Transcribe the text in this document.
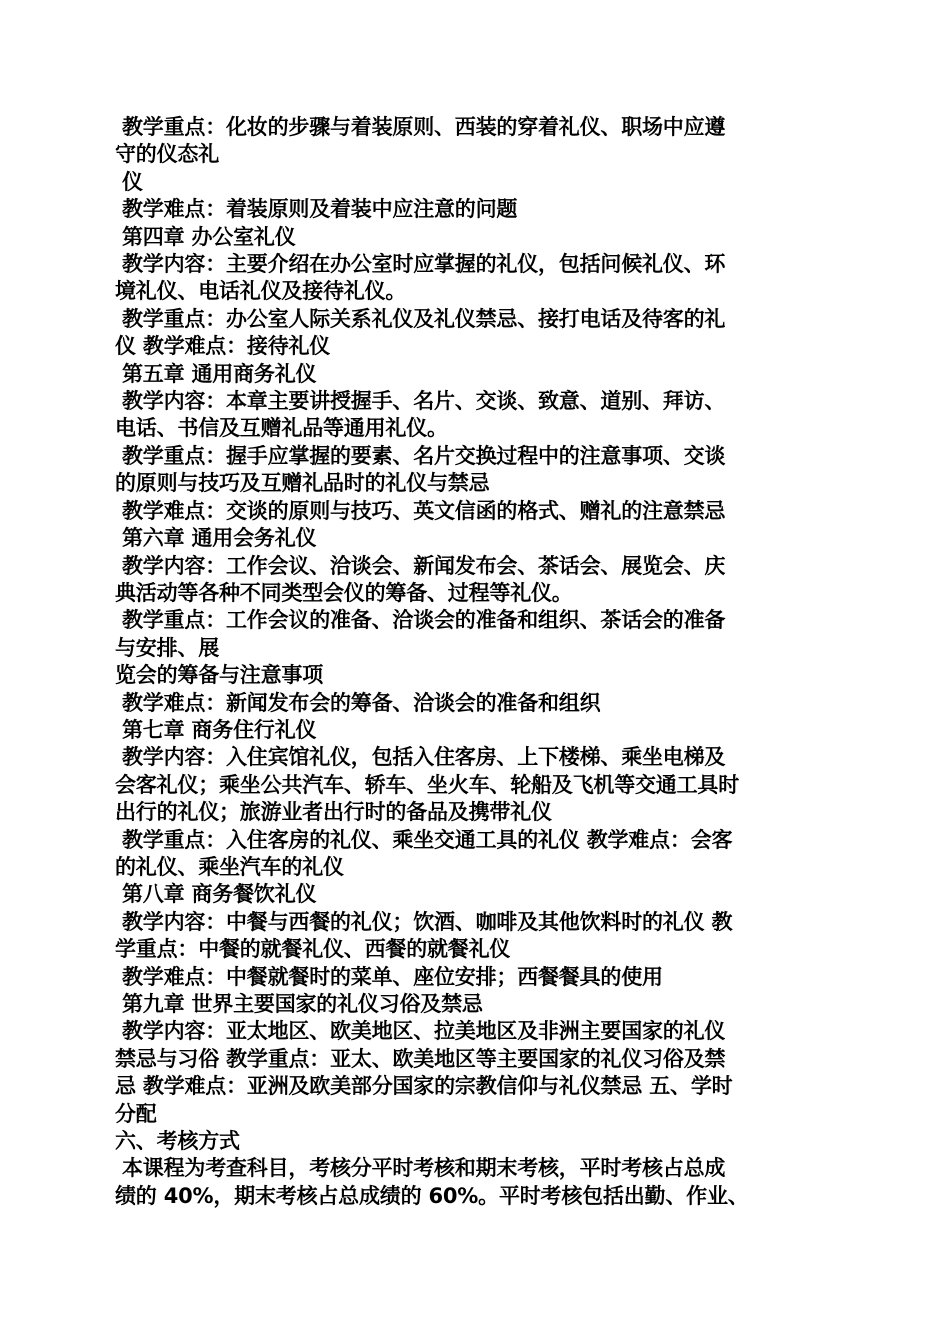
教学重点：化妆的步骤与着装原则、西装的穿着礼仪、职场中应遵
守的仪态礼
仪
教学难点：着装原则及着装中应注意的问题
第四章 办公室礼仪
教学内容：主要介绍在办公室时应掌握的礼仪，包括问候礼仪、环
境礼仪、电话礼仪及接待礼仪。
教学重点：办公室人际关系礼仪及礼仪禁忌、接打电话及待客的礼
仪 教学难点：接待礼仪
第五章 通用商务礼仪
教学内容：本章主要讲授握手、名片、交谈、致意、道别、拜访、
电话、书信及互赠礼品等通用礼仪。
教学重点：握手应掌握的要素、名片交换过程中的注意事项、交谈
的原则与技巧及互赠礼品时的礼仪与禁忌
教学难点：交谈的原则与技巧、英文信函的格式、赠礼的注意禁忌
第六章 通用会务礼仪
教学内容：工作会议、洽谈会、新闻发布会、茶话会、展览会、庆
典活动等各种不同类型会仪的筹备、过程等礼仪。
教学重点：工作会议的准备、洽谈会的准备和组织、茶话会的准备
与安排、展
览会的筹备与注意事项
教学难点：新闻发布会的筹备、洽谈会的准备和组织
第七章 商务住行礼仪
教学内容：入住宾馆礼仪，包括入住客房、上下楼梯、乘坐电梯及
会客礼仪；乘坐公共汽车、轿车、坐火车、轮船及飞机等交通工具时
出行的礼仪；旅游业者出行时的备品及携带礼仪
教学重点：入住客房的礼仪、乘坐交通工具的礼仪 教学难点：会客
的礼仪、乘坐汽车的礼仪
第八章 商务餐饮礼仪
教学内容：中餐与西餐的礼仪；饮酒、咖啡及其他饮料时的礼仪 教
学重点：中餐的就餐礼仪、西餐的就餐礼仪
教学难点：中餐就餐时的菜单、座位安排；西餐餐具的使用
第九章 世界主要国家的礼仪习俗及禁忌
教学内容：亚太地区、欧美地区、拉美地区及非洲主要国家的礼仪
禁忌与习俗 教学重点：亚太、欧美地区等主要国家的礼仪习俗及禁
忌 教学难点：亚洲及欧美部分国家的宗教信仰与礼仪禁忌 五、学时
分配
六、考核方式
本课程为考查科目，考核分平时考核和期末考核，平时考核占总成
绩的 40%，期末考核占总成绩的 60%。平时考核包括出勤、作业、
